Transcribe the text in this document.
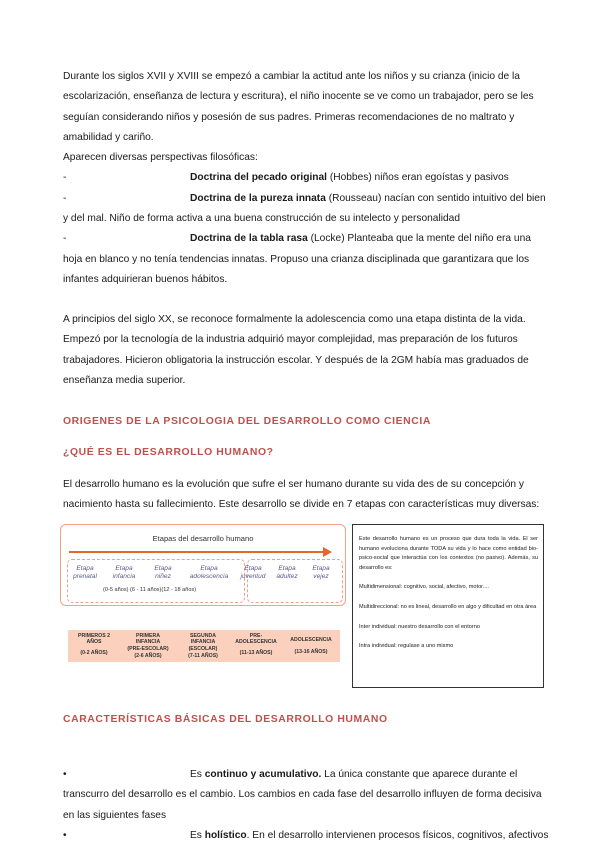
Durante los siglos XVII y XVIII se empezó a cambiar la actitud ante los niños y su crianza (inicio de la

escolarización, enseñanza de lectura y escritura), el niño inocente se ve como un trabajador, pero se les

seguían considerando niños y posesión de sus padres. Primeras recomendaciones de no maltrato y

amabilidad y cariño.

Aparecen diversas perspectivas filosóficas:

-	Doctrina del pecado original (Hobbes) niños eran egoístas y pasivos
-	Doctrina de la pureza innata (Rousseau) nacían con sentido intuitivo del bien

y del mal. Niño de forma activa a una buena construcción de su intelecto y personalidad

-	Doctrina de la tabla rasa (Locke) Planteaba que la mente del niño era una

hoja en blanco y no tenía tendencias innatas. Propuso una crianza disciplinada que garantizara que los

infantes adquirieran buenos hábitos.

A principios del siglo XX, se reconoce formalmente la adolescencia como una etapa distinta de la vida.

Empezó por la tecnología de la industria adquirió mayor complejidad, mas preparación de los futuros

trabajadores. Hicieron obligatoria la instrucción escolar. Y después de la 2GM había mas graduados de

enseñanza media superior.

ORIGENES DE LA PSICOLOGIA DEL DESARROLLO COMO CIENCIA
¿QUÉ ES EL DESARROLLO HUMANO?

El desarrollo humano es la evolución que sufre el ser humano durante su vida des de su concepción y

nacimiento hasta su fallecimiento. Este desarrollo se divide en 7 etapas con características muy diversas:

Etapas del desarrollo humano
Etapa
prenatal
Etapa
infancia
Etapa
niñez
Etapa
adolescencia
Etapa
juventud
Etapa
adultez
Etapa
vejez
(0-5 años) (6 - 11 años)(12 - 18 años)
PRIMEROS 2
AÑOS
(0-2 AÑOS)
PRIMERA
INFANCIA
(PRE-ESCOLAR)
(2-6 AÑOS)
SEGUNDA
INFANCIA
(ESCOLAR)
(7-11 AÑOS)
PRE-
ADOLESCENCIA
(11-13 AÑOS)
ADOLESCENCIA
(13-16 AÑOS)

Este desarrollo humano es un proceso que dura toda la vida. El ser humano evoluciona durante TODA su vida y lo hace como entidad bio-psico-social que interactúa con los contextos (no pasivo). Además, su desarrollo es:

Multidimensional: cognitivo, social, afectivo, motor....

Multidireccional: no es lineal, desarrollo en algo y dificultad en otra área

Inter individual: nuestro desarrollo con el entorno

Intra individual: regulase a uno mismo

CARACTERÍSTICAS BÁSICAS DEL DESARROLLO HUMANO
•	Es continuo y acumulativo. La única constante que aparece durante el

transcurro del desarrollo es el cambio. Los cambios en cada fase del desarrollo influyen de forma decisiva

en las siguientes fases

•	Es holístico. En el desarrollo intervienen procesos físicos, cognitivos, afectivos
